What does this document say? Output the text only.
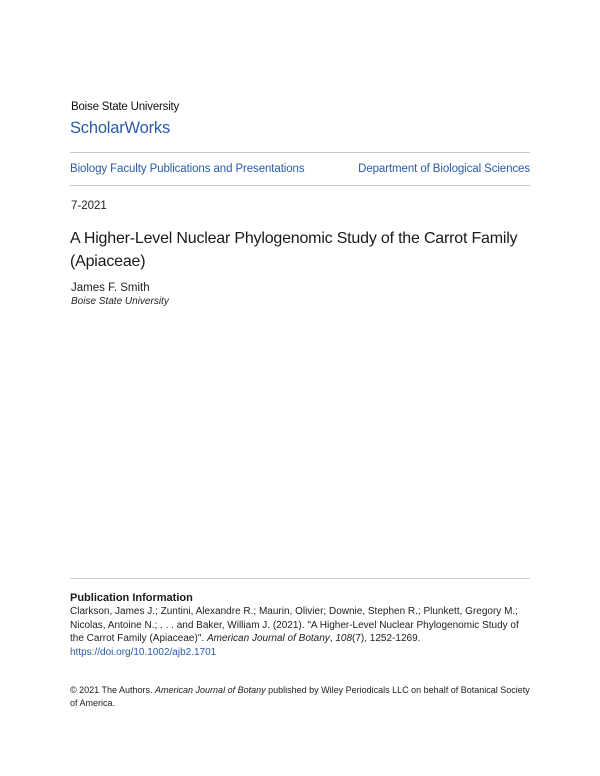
Boise State University
ScholarWorks
Biology Faculty Publications and Presentations	Department of Biological Sciences
7-2021
A Higher-Level Nuclear Phylogenomic Study of the Carrot Family (Apiaceae)
James F. Smith
Boise State University
Publication Information
Clarkson, James J.; Zuntini, Alexandre R.; Maurin, Olivier; Downie, Stephen R.; Plunkett, Gregory M.; Nicolas, Antoine N.; . . . and Baker, William J. (2021). "A Higher-Level Nuclear Phylogenomic Study of the Carrot Family (Apiaceae)". American Journal of Botany, 108(7), 1252-1269. https://doi.org/10.1002/ajb2.1701
© 2021 The Authors. American Journal of Botany published by Wiley Periodicals LLC on behalf of Botanical Society of America.
